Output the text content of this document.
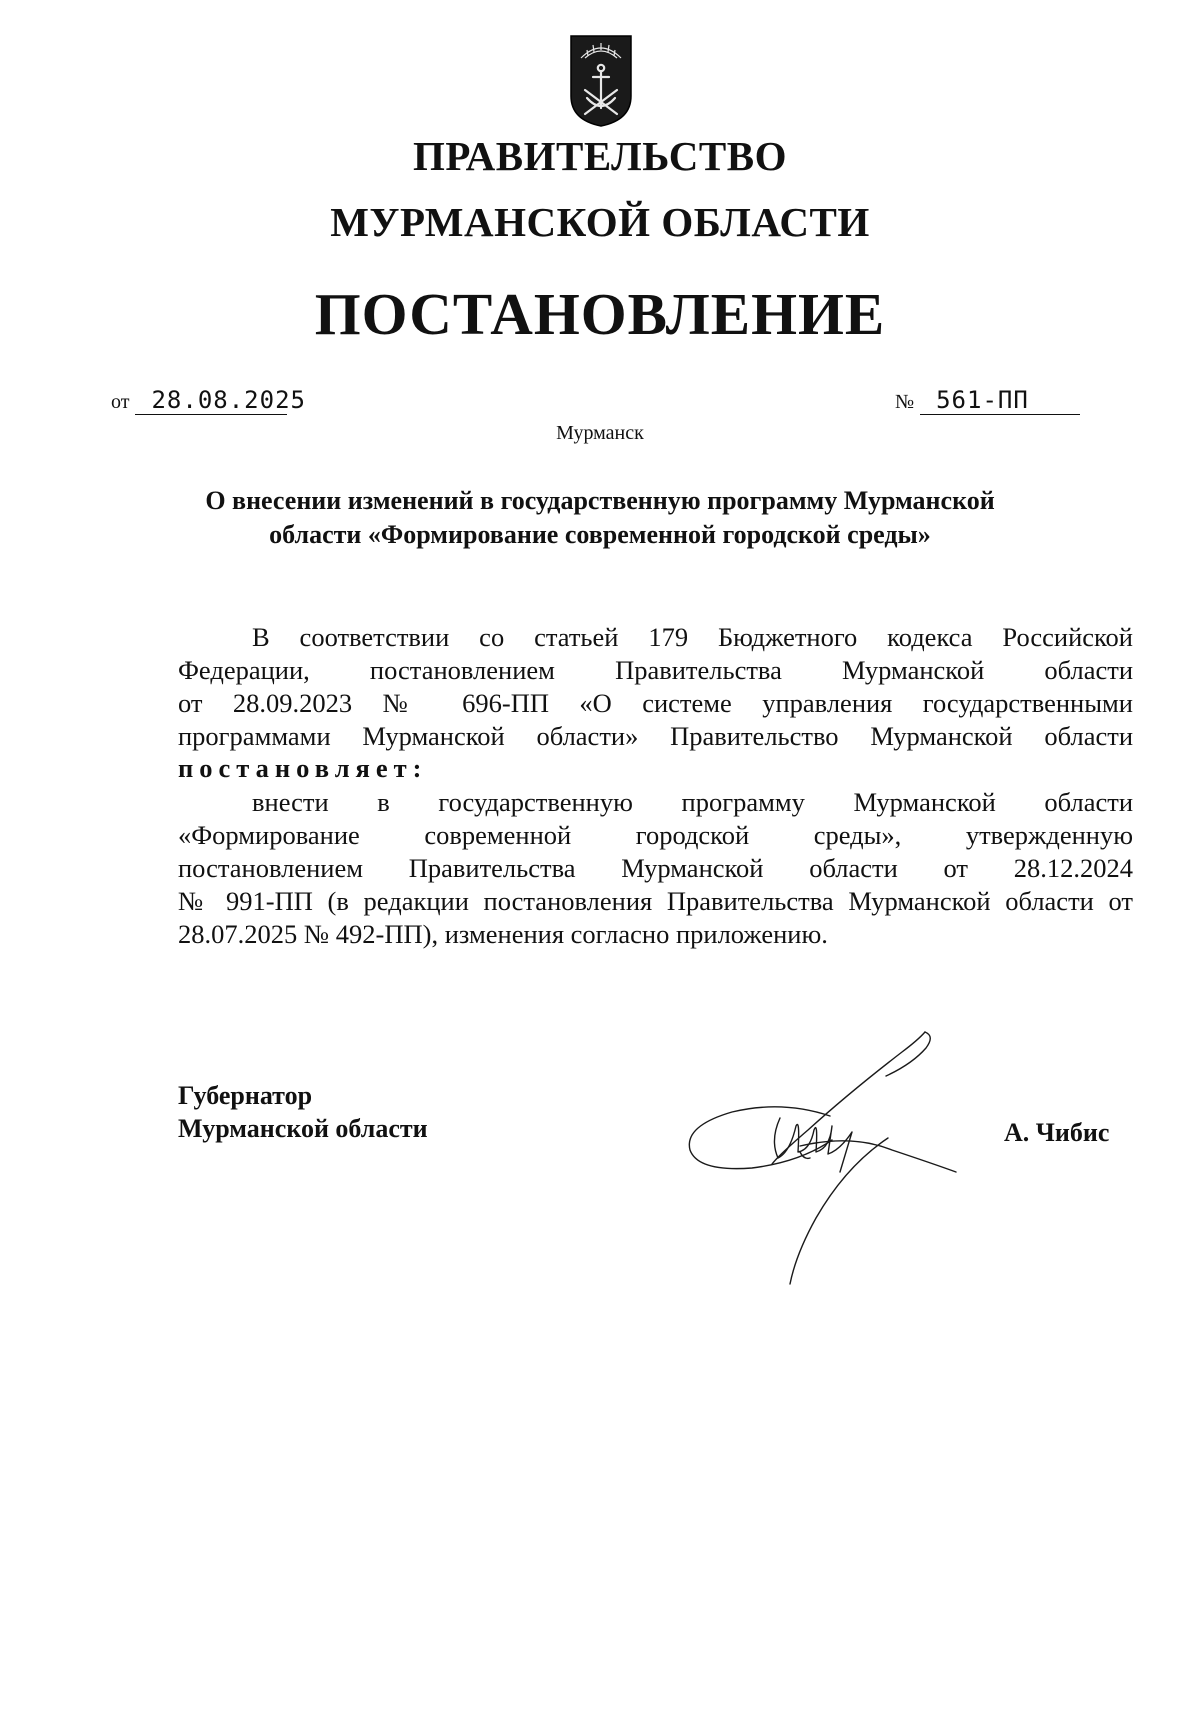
ПРАВИТЕЛЬСТВО
МУРМАНСКОЙ ОБЛАСТИ
ПОСТАНОВЛЕНИЕ
от 28.08.2025	№ 561-ПП
Мурманск
О внесении изменений в государственную программу Мурманской
области «Формирование современной городской среды»
В соответствии со статьей 179 Бюджетного кодекса Российской
Федерации, постановлением Правительства Мурманской области
от 28.09.2023 № 696-ПП «О системе управления государственными
программами Мурманской области» Правительство Мурманской области
постановляет:
внести в государственную программу Мурманской области
«Формирование современной городской среды», утвержденную
постановлением Правительства Мурманской области от 28.12.2024
№ 991-ПП (в редакции постановления Правительства Мурманской области от
28.07.2025 № 492-ПП), изменения согласно приложению.
Губернатор
Мурманской области	А. Чибис
